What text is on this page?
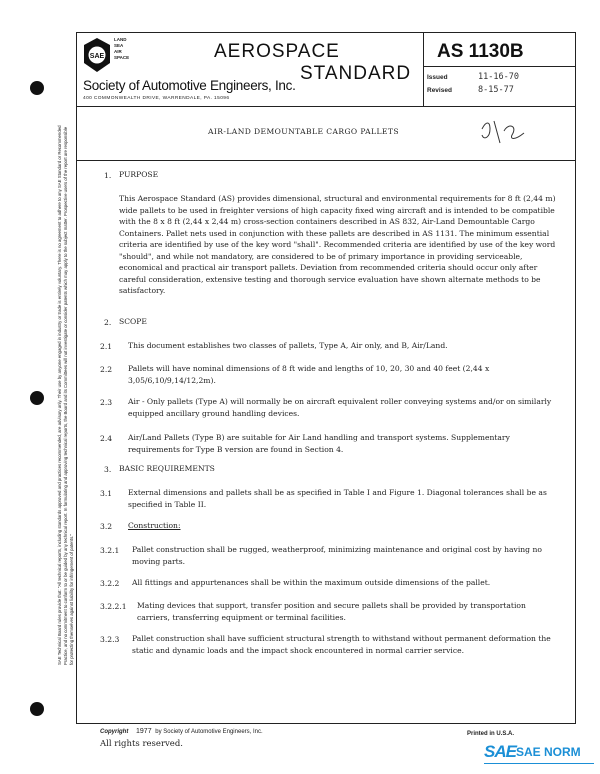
SAE Technical Board rules provide that: "All technical reports, including standards approved and practices recommended, are advisory only. Their use by anyone engaged in industry or trade is entirely voluntary. There is no agreement to adhere to any SAE Standard or Recommended Practice, and no commitment to conform to or be guided by any technical report. In formulating and approving technical reports, the Board and its Committees will not investigate or consider patents which may apply to the subject matter. Prospective users of the report are responsible for protecting themselves against liability for infringement of patents."
SAE
LAND
SEA
AIR
SPACE	AEROSPACE
STANDARD
Society of Automotive Engineers, Inc.
400 COMMONWEALTH DRIVE, WARRENDALE, PA. 15096
AS 1130B
Issued	11-16-70
Revised	8-15-77
AIR-LAND DEMOUNTABLE CARGO PALLETS
1. PURPOSE
This Aerospace Standard (AS) provides dimensional, structural and environmental requirements for 8 ft (2,44 m) wide pallets to be used in freighter versions of high capacity fixed wing aircraft and is intended to be compatible with the 8 x 8 ft (2,44 x 2,44 m) cross-section containers described in AS 832, Air-Land Demountable Cargo Containers. Pallet nets used in conjunction with these pallets are described in AS 1131. The minimum essential criteria are identified by use of the key word "shall". Recommended criteria are identified by use of the key word "should", and while not mandatory, are considered to be of primary importance in providing serviceable, economical and practical air transport pallets. Deviation from recommended criteria should occur only after careful consideration, extensive testing and thorough service evaluation have shown alternate methods to be satisfactory.
2. SCOPE
2.1 This document establishes two classes of pallets, Type A, Air only, and B, Air/Land.
2.2 Pallets will have nominal dimensions of 8 ft wide and lengths of 10, 20, 30 and 40 feet (2,44 x 3,05/6,10/9,14/12,2m).
2.3 Air - Only pallets (Type A) will normally be on aircraft equivalent roller conveying systems and/or on similarly equipped ancillary ground handling devices.
2.4 Air/Land Pallets (Type B) are suitable for Air Land handling and transport systems. Supplementary requirements for Type B version are found in Section 4.
3. BASIC REQUIREMENTS
3.1 External dimensions and pallets shall be as specified in Table I and Figure 1. Diagonal tolerances shall be as specified in Table II.
3.2 Construction:
3.2.1 Pallet construction shall be rugged, weatherproof, minimizing maintenance and original cost by having no moving parts.
3.2.2 All fittings and appurtenances shall be within the maximum outside dimensions of the pallet.
3.2.2.1 Mating devices that support, transfer position and secure pallets shall be provided by transportation carriers, transferring equipment or terminal facilities.
3.2.3 Pallet construction shall have sufficient structural strength to withstand without permanent deformation the static and dynamic loads and the impact shock encountered in normal carrier service.
Copyright 1977 by Society of Automotive Engineers, Inc.
All rights reserved.
Printed in U.S.A.
SAE SAE NORM
